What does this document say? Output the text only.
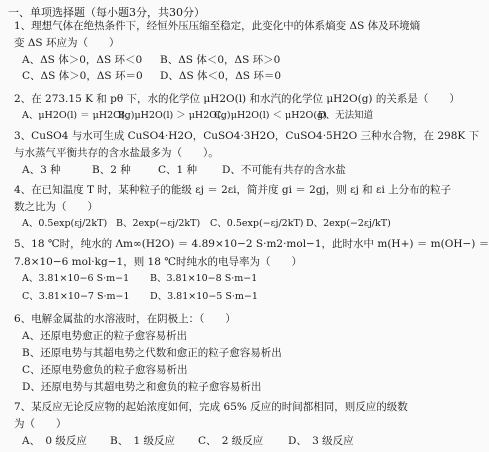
一、单项选择题（每小题3分，共30分）
1、理想气体在绝热条件下，经恒外压压缩至稳定，此变化中的体系熵变 ΔS 体及环境熵
变 ΔS 环应为（　　）
A、ΔS 体＞0，ΔS 环＜0 B、ΔS 体＜0，ΔS 环＞0
C、ΔS 体＞0，ΔS 环＝0 D、ΔS 体＜0，ΔS 环＝0
2、在 273.15 K 和 pθ 下，水的化学位 μH2O(l) 和水汽的化学位 μH2O(g) 的关系是（　　）
A、μH2O(l) ＝ μH2O(g)
B、μH2O(l) ＞ μH2O(g)
C、μH2O(l) ＜ μH2O(g)
D、无法知道
3、CuSO4 与水可生成 CuSO4·H2O，CuSO4·3H2O，CuSO4·5H2O 三种水合物，在 298K 下
与水蒸气平衡共存的含水盐最多为（　　）。
A、3 种	B、2 种	C、1 种 D、不可能有共存的含水盐
4、在已知温度 T 时，某种粒子的能级 εj ＝ 2εi，简并度 gi ＝ 2gj，则 εj 和 εi 上分布的粒子
数之比为（　　）
A、0.5exp(εj/2kT) B、2exp(−εj/2kT) C、0.5exp(−εj/2kT) D、2exp(−2εj/kT)
5、18 ℃时，纯水的 Λm∞(H2O) ＝ 4.89×10−2 S·m2·mol−1，此时水中 m(H+) ＝ m(OH−) ＝
7.8×10−6 mol·kg−1，则 18 ℃时纯水的电导率为（　　）
A、3.81×10−6 S·m−1 B、3.81×10−8 S·m−1
C、3.81×10−7 S·m−1 D、3.81×10−5 S·m−1
6、电解金属盐的水溶液时，在阴极上：（　　）
A、还原电势愈正的粒子愈容易析出
B、还原电势与其超电势之代数和愈正的粒子愈容易析出
C、还原电势愈负的粒子愈容易析出
D、还原电势与其超电势之和愈负的粒子愈容易析出
7、某反应无论反应物的起始浓度如何，完成 65% 反应的时间都相同，则反应的级数
为（　　）
A、　0 级反应 B、　1 级反应 C、　2 级反应 D、　3 级反应
